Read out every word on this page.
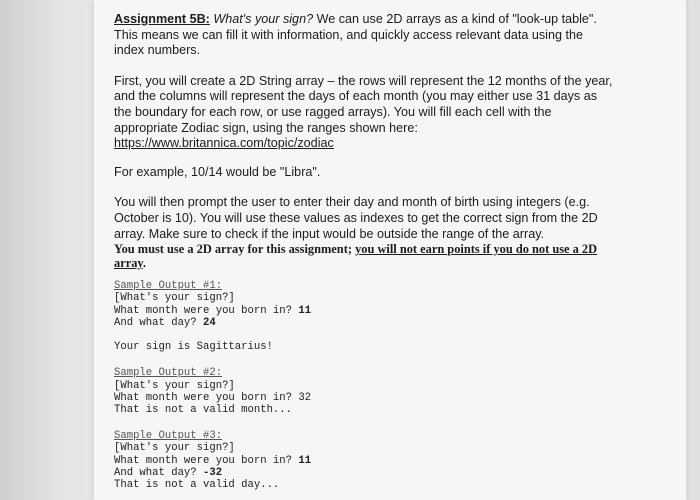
Assignment 5B: What's your sign? We can use 2D arrays as a kind of "look-up table". This means we can fill it with information, and quickly access relevant data using the index numbers.

First, you will create a 2D String array – the rows will represent the 12 months of the year, and the columns will represent the days of each month (you may either use 31 days as the boundary for each row, or use ragged arrays). You will fill each cell with the appropriate Zodiac sign, using the ranges shown here:
https://www.britannica.com/topic/zodiac

For example, 10/14 would be "Libra".

You will then prompt the user to enter their day and month of birth using integers (e.g. October is 10). You will use these values as indexes to get the correct sign from the 2D array. Make sure to check if the input would be outside the range of the array.

You must use a 2D array for this assignment; you will not earn points if you do not use a 2D array.

Sample Output #1:
[What's your sign?]
What month were you born in? 11
And what day? 24

Your sign is Sagittarius!
Sample Output #2:
[What's your sign?]
What month were you born in? 32
That is not a valid month...
Sample Output #3:
[What's your sign?]
What month were you born in? 11
And what day? -32
That is not a valid day...
